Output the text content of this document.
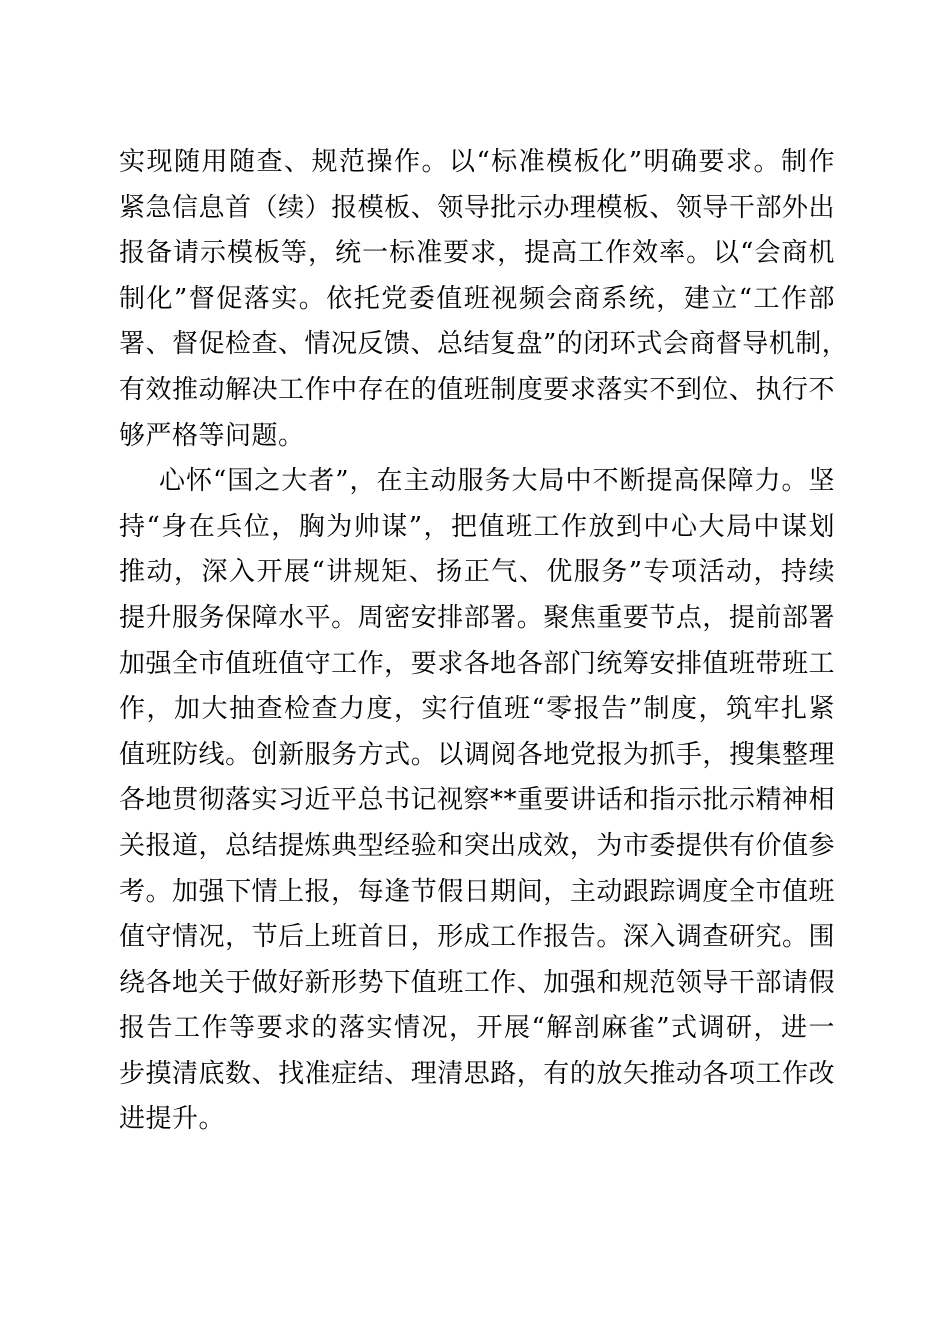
实现随用随查、规范操作。以“标准模板化”明确要求。制作
紧急信息首（续）报模板、领导批示办理模板、领导干部外出
报备请示模板等，统一标准要求，提高工作效率。以“会商机
制化”督促落实。依托党委值班视频会商系统，建立“工作部
署、督促检查、情况反馈、总结复盘”的闭环式会商督导机制，
有效推动解决工作中存在的值班制度要求落实不到位、执行不
够严格等问题。
心怀“国之大者”，在主动服务大局中不断提高保障力。坚
持“身在兵位，胸为帅谋”，把值班工作放到中心大局中谋划
推动，深入开展“讲规矩、扬正气、优服务”专项活动，持续
提升服务保障水平。周密安排部署。聚焦重要节点，提前部署
加强全市值班值守工作，要求各地各部门统筹安排值班带班工
作，加大抽查检查力度，实行值班“零报告”制度，筑牢扎紧
值班防线。创新服务方式。以调阅各地党报为抓手，搜集整理
各地贯彻落实习近平总书记视察**重要讲话和指示批示精神相
关报道，总结提炼典型经验和突出成效，为市委提供有价值参
考。加强下情上报，每逢节假日期间，主动跟踪调度全市值班
值守情况，节后上班首日，形成工作报告。深入调查研究。围
绕各地关于做好新形势下值班工作、加强和规范领导干部请假
报告工作等要求的落实情况，开展“解剖麻雀”式调研，进一
步摸清底数、找准症结、理清思路，有的放矢推动各项工作改
进提升。
